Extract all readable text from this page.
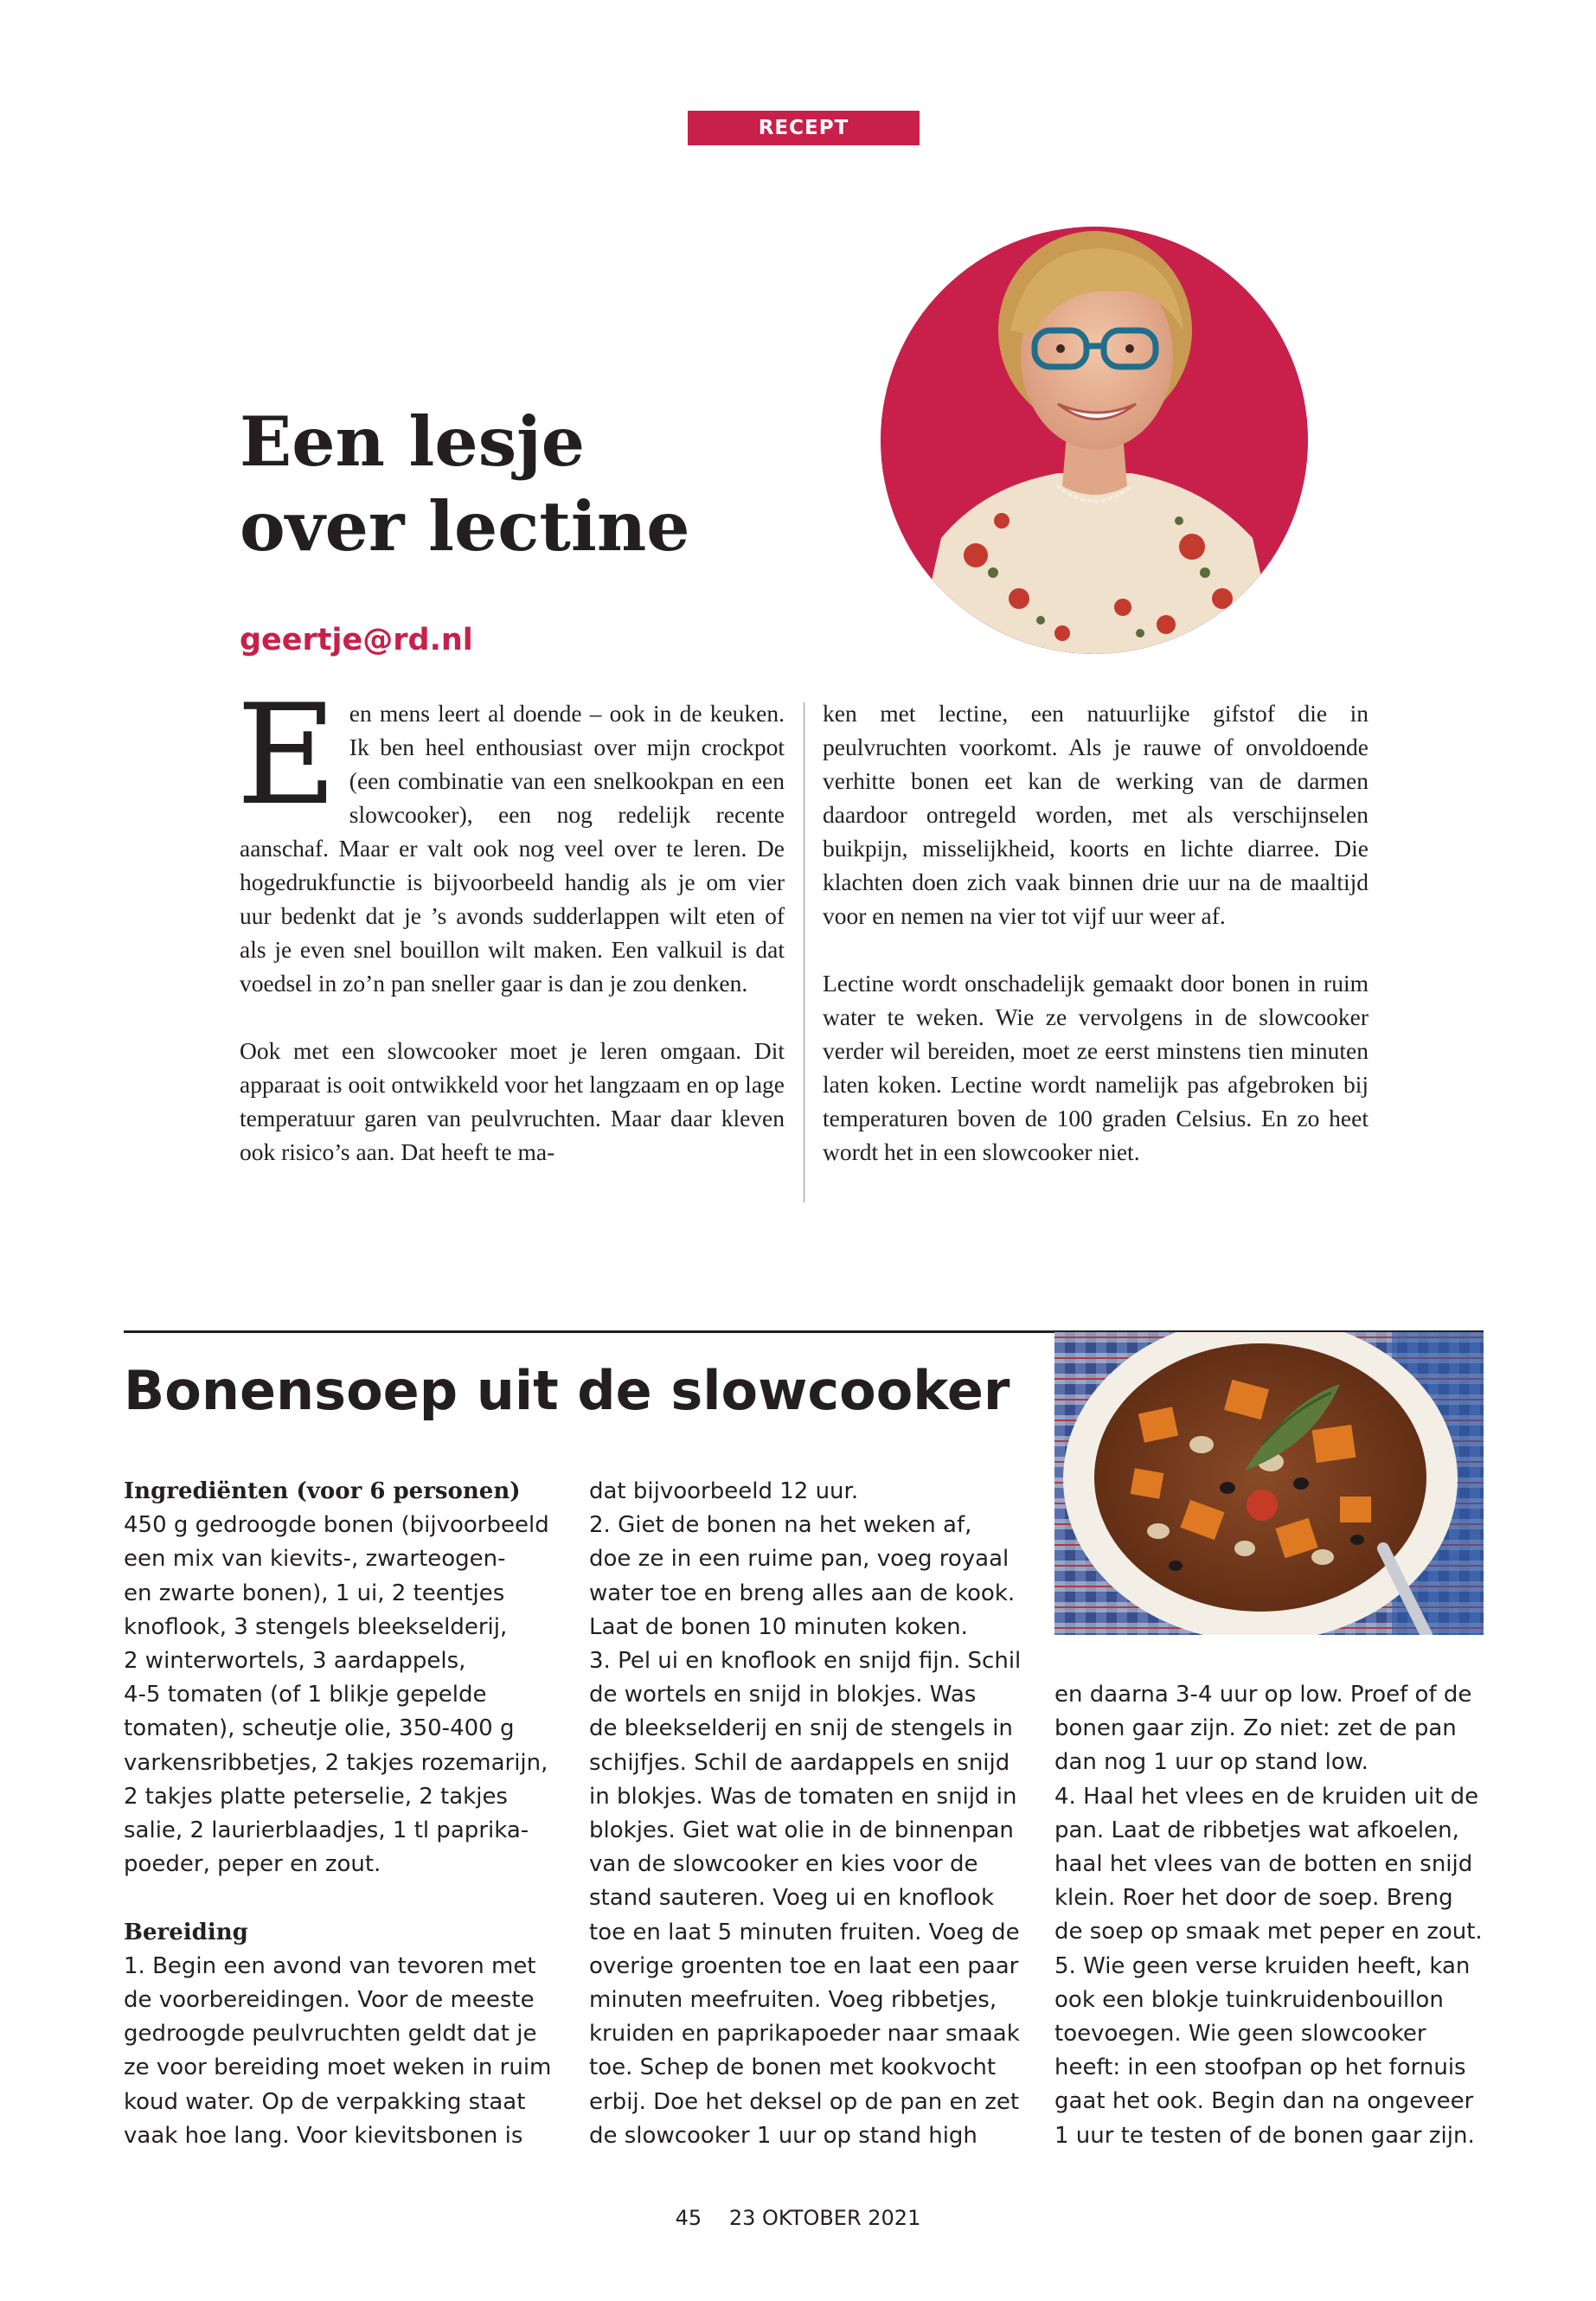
RECEPT
Een lesje
over lectine
geertje@rd.nl
E en mens leert al doende – ook in de keuken. Ik ben heel enthousiast over mijn crockpot (een combinatie van een snelkookpan en een slowcooker), een nog redelijk recente aanschaf. Maar er valt ook nog veel over te leren. De hogedrukfunctie is bijvoorbeeld handig als je om vier uur bedenkt dat je ’s avonds sudderlappen wilt eten of als je even snel bouillon wilt maken. Een valkuil is dat voedsel in zo’n pan sneller gaar is dan je zou denken.

Ook met een slowcooker moet je leren omgaan. Dit apparaat is ooit ontwikkeld voor het langzaam en op lage temperatuur garen van peulvruchten. Maar daar kleven ook risico’s aan. Dat heeft te ma-

ken met lectine, een natuurlijke gifstof die in peulvruchten voorkomt. Als je rauwe of onvoldoende verhitte bonen eet kan de werking van de darmen daardoor ontregeld worden, met als verschijnselen buikpijn, misselijkheid, koorts en lichte diarree. Die klachten doen zich vaak binnen drie uur na de maaltijd voor en nemen na vier tot vijf uur weer af.

Lectine wordt onschadelijk gemaakt door bonen in ruim water te weken. Wie ze vervolgens in de slowcooker verder wil bereiden, moet ze eerst minstens tien minuten laten koken. Lectine wordt namelijk pas afgebroken bij temperaturen boven de 100 graden Celsius. En zo heet wordt het in een slowcooker niet.

Bonensoep uit de slowcooker
Ingrediënten (voor 6 personen)
450 g gedroogde bonen (bijvoorbeeld
een mix van kievits-, zwarteogen-
en zwarte bonen), 1 ui, 2 teentjes
knoflook, 3 stengels bleekselderij,
2 winterwortels, 3 aardappels,
4-5 tomaten (of 1 blikje gepelde
tomaten), scheutje olie, 350-400 g
varkensribbetjes, 2 takjes rozemarijn,
2 takjes platte peterselie, 2 takjes
salie, 2 laurierblaadjes, 1 tl paprika-
poeder, peper en zout.
Bereiding
1. Begin een avond van tevoren met
de voorbereidingen. Voor de meeste
gedroogde peulvruchten geldt dat je
ze voor bereiding moet weken in ruim
koud water. Op de verpakking staat
vaak hoe lang. Voor kievitsbonen is
dat bijvoorbeeld 12 uur.
2. Giet de bonen na het weken af,
doe ze in een ruime pan, voeg royaal
water toe en breng alles aan de kook.
Laat de bonen 10 minuten koken.
3. Pel ui en knoflook en snijd fijn. Schil
de wortels en snijd in blokjes. Was
de bleekselderij en snij de stengels in
schijfjes. Schil de aardappels en snijd
in blokjes. Was de tomaten en snijd in
blokjes. Giet wat olie in de binnenpan
van de slowcooker en kies voor de
stand sauteren. Voeg ui en knoflook
toe en laat 5 minuten fruiten. Voeg de
overige groenten toe en laat een paar
minuten meefruiten. Voeg ribbetjes,
kruiden en paprikapoeder naar smaak
toe. Schep de bonen met kookvocht
erbij. Doe het deksel op de pan en zet
de slowcooker 1 uur op stand high
en daarna 3-4 uur op low. Proef of de
bonen gaar zijn. Zo niet: zet de pan
dan nog 1 uur op stand low.
4. Haal het vlees en de kruiden uit de
pan. Laat de ribbetjes wat afkoelen,
haal het vlees van de botten en snijd
klein. Roer het door de soep. Breng
de soep op smaak met peper en zout.
5. Wie geen verse kruiden heeft, kan
ook een blokje tuinkruidenbouillon
toevoegen. Wie geen slowcooker
heeft: in een stoofpan op het fornuis
gaat het ook. Begin dan na ongeveer
1 uur te testen of de bonen gaar zijn.
45 23 OKTOBER 2021
